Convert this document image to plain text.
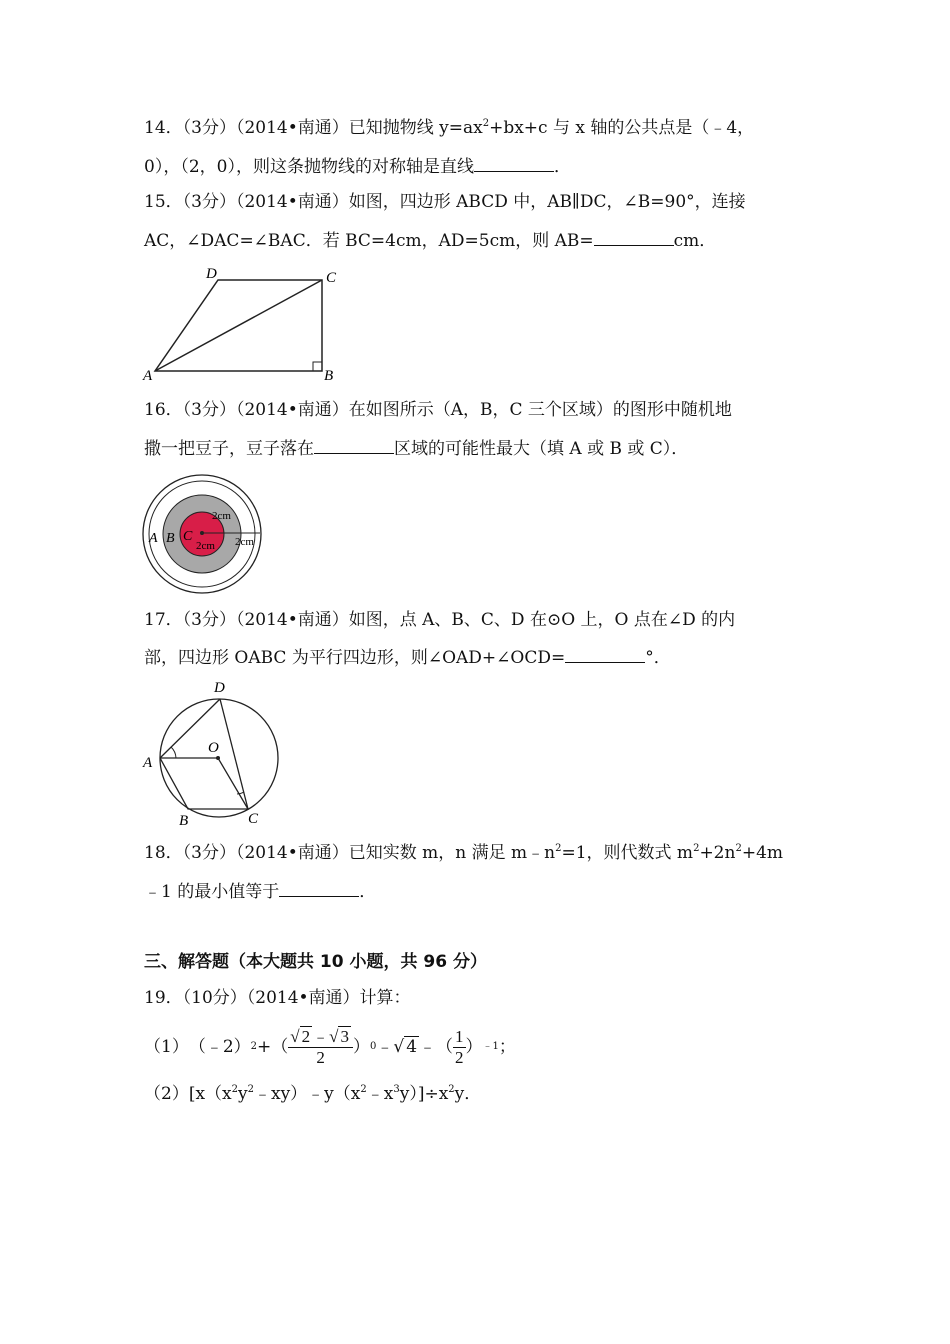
14．（3分）（2014•南通）已知抛物线 $y=ax^2+bx+c$ 与 x 轴的公共点是（﹣4，
0），（2，0），则这条抛物线的对称轴是直线	．
15．（3分）（2014•南通）如图，四边形 ABCD 中，AB∥DC，∠B=90°，连接
AC，∠DAC=∠BAC．若 BC=4cm，AD=5cm，则 AB=	cm．
D	C
A	B
16．（3分）（2014•南通）在如图所示（A，B，C 三个区域）的图形中随机地
撒一把豆子，豆子落在	区域的可能性最大（填 A 或 B 或 C）．
A B C
2cm
2cm 2cm
17．（3分）（2014•南通）如图，点 A、B、C、D 在⊙O 上，O 点在∠D 的内
部，四边形 OABC 为平行四边形，则∠OAD+∠OCD=	°．
D
O
A
B	C
18．（3分）（2014•南通）已知实数 m，n 满足 $m﹣n^2=1$，则代数式 $m^2+2n^2+4m$
﹣1 的最小值等于	．
三、解答题（本大题共 10 小题，共 96 分）
19．（10分）（2014•南通）计算：
（1） （﹣2） 2 +（ $\frac{√ 2 ﹣√ 3}{2}$ ） 0 ﹣ √ 4 ﹣（ $\frac{1}{2}$ ） ﹣1 ；
$(2)[x(x^2y^2﹣xy)﹣y(x^2﹣x^3y)]\div x^2y$．
